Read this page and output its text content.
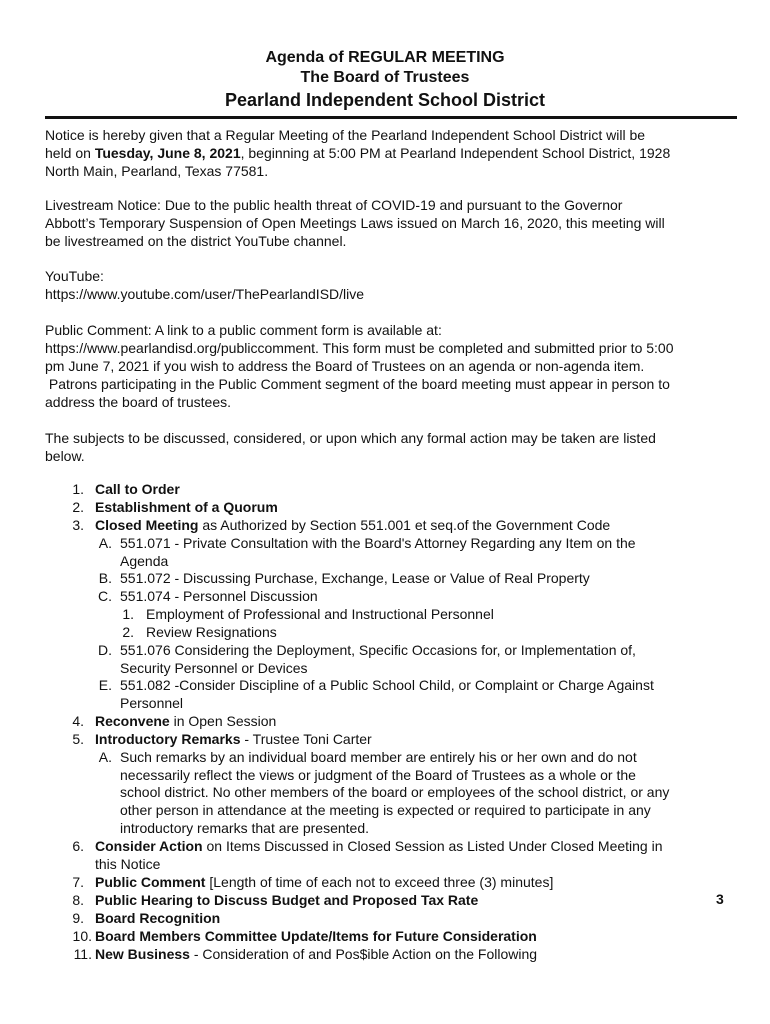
Agenda of REGULAR MEETING
The Board of Trustees
Pearland Independent School District
Notice is hereby given that a Regular Meeting of the Pearland Independent School District will be
held on Tuesday, June 8, 2021, beginning at 5:00 PM at Pearland Independent School District, 1928
North Main, Pearland, Texas 77581.
Livestream Notice: Due to the public health threat of COVID-19 and pursuant to the Governor
Abbott’s Temporary Suspension of Open Meetings Laws issued on March 16, 2020, this meeting will
be livestreamed on the district YouTube channel.
YouTube:
https://www.youtube.com/user/ThePearlandISD/live
Public Comment: A link to a public comment form is available at:
https://www.pearlandisd.org/publiccomment. This form must be completed and submitted prior to 5:00
pm June 7, 2021 if you wish to address the Board of Trustees on an agenda or non-agenda item.
Patrons participating in the Public Comment segment of the board meeting must appear in person to
address the board of trustees.
The subjects to be discussed, considered, or upon which any formal action may be taken are listed
below.
1. Call to Order
2. Establishment of a Quorum
3. Closed Meeting as Authorized by Section 551.001 et seq.of the Government Code
A. 551.071 - Private Consultation with the Board's Attorney Regarding any Item on the
Agenda
B. 551.072 - Discussing Purchase, Exchange, Lease or Value of Real Property
C. 551.074 - Personnel Discussion
1. Employment of Professional and Instructional Personnel
2. Review Resignations
D. 551.076 Considering the Deployment, Specific Occasions for, or Implementation of,
Security Personnel or Devices
E. 551.082 -Consider Discipline of a Public School Child, or Complaint or Charge Against
Personnel
4. Reconvene in Open Session
5. Introductory Remarks - Trustee Toni Carter
A. Such remarks by an individual board member are entirely his or her own and do not
necessarily reflect the views or judgment of the Board of Trustees as a whole or the
school district. No other members of the board or employees of the school district, or any
other person in attendance at the meeting is expected or required to participate in any
introductory remarks that are presented.
6. Consider Action on Items Discussed in Closed Session as Listed Under Closed Meeting in
this Notice
7. Public Comment [Length of time of each not to exceed three (3) minutes]
8. Public Hearing to Discuss Budget and Proposed Tax Rate
9. Board Recognition
10. Board Members Committee Update/Items for Future Consideration
11. New Business - Consideration of and Pos$ible Action on the Following
3
